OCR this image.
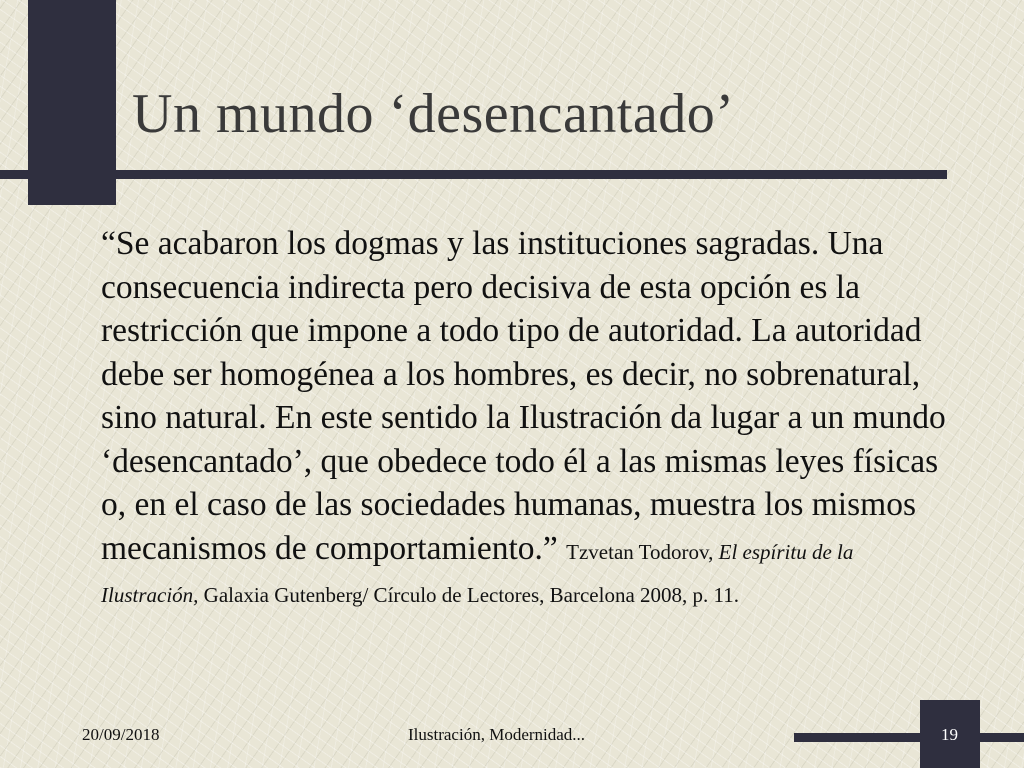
Un mundo ‘desencantado’

“Se acabaron los dogmas y las instituciones sagradas. Una consecuencia indirecta pero decisiva de esta opción es la restricción que impone a todo tipo de autoridad. La autoridad debe ser homogénea a los hombres, es decir, no sobrenatural, sino natural. En este sentido la Ilustración da lugar a un mundo ‘desencantado’, que obedece todo él a las mismas leyes físicas o, en el caso de las sociedades humanas, muestra los mismos mecanismos de comportamiento.” Tzvetan Todorov, El espíritu de la Ilustración, Galaxia Gutenberg/ Círculo de Lectores, Barcelona 2008, p. 11.

20/09/2018	Ilustración, Modernidad...	19
